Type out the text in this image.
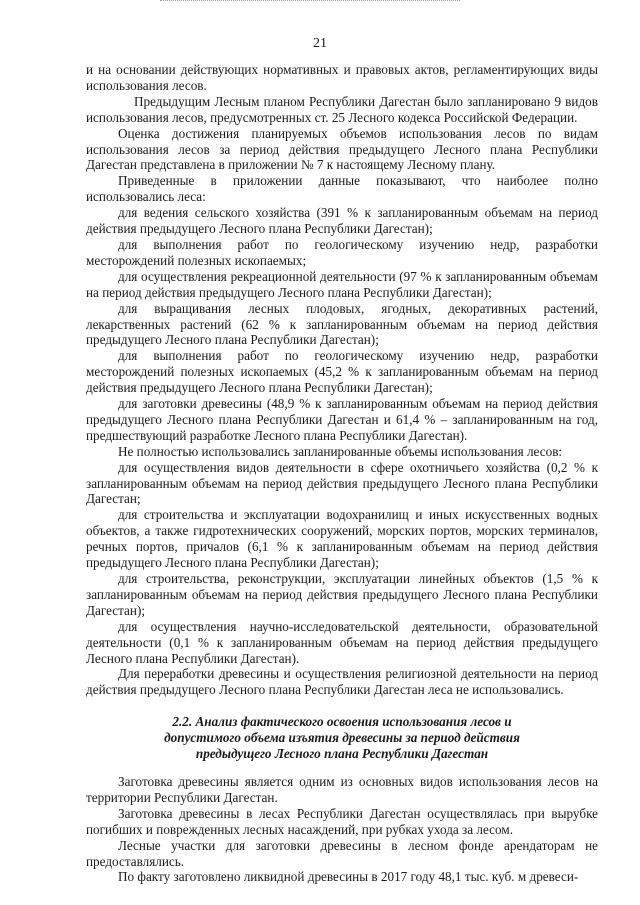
21

и на основании действующих нормативных и правовых актов, регламентирующих виды использования лесов.

Предыдущим Лесным планом Республики Дагестан было запланировано 9 видов использования лесов, предусмотренных ст. 25 Лесного кодекса Российской Федерации.

Оценка достижения планируемых объемов использования лесов по видам использования лесов за период действия предыдущего Лесного плана Республики Дагестан представлена в приложении № 7 к настоящему Лесному плану.

Приведенные в приложении данные показывают, что наиболее полно использовались леса:

для ведения сельского хозяйства (391 % к запланированным объемам на период действия предыдущего Лесного плана Республики Дагестан);

для выполнения работ по геологическому изучению недр, разработки месторождений полезных ископаемых;

для осуществления рекреационной деятельности (97 % к запланированным объемам на период действия предыдущего Лесного плана Республики Дагестан);

для выращивания лесных плодовых, ягодных, декоративных растений, лекарственных растений (62 % к запланированным объемам на период действия предыдущего Лесного плана Республики Дагестан);

для выполнения работ по геологическому изучению недр, разработки месторождений полезных ископаемых (45,2 % к запланированным объемам на период действия предыдущего Лесного плана Республики Дагестан);

для заготовки древесины (48,9 % к запланированным объемам на период действия предыдущего Лесного плана Республики Дагестан и 61,4 % – запланированным на год, предшествующий разработке Лесного плана Республики Дагестан).

Не полностью использовались запланированные объемы использования лесов:

для осуществления видов деятельности в сфере охотничьего хозяйства (0,2 % к запланированным объемам на период действия предыдущего Лесного плана Республики Дагестан;

для строительства и эксплуатации водохранилищ и иных искусственных водных объектов, а также гидротехнических сооружений, морских портов, морских терминалов, речных портов, причалов (6,1 % к запланированным объемам на период действия предыдущего Лесного плана Республики Дагестан);

для строительства, реконструкции, эксплуатации линейных объектов (1,5 % к запланированным объемам на период действия предыдущего Лесного плана Республики Дагестан);

для осуществления научно-исследовательской деятельности, образовательной деятельности (0,1 % к запланированным объемам на период действия предыдущего Лесного плана Республики Дагестан).

Для переработки древесины и осуществления религиозной деятельности на период действия предыдущего Лесного плана Республики Дагестан леса не использовались.

2.2. Анализ фактического освоения использования лесов и
допустимого объема изъятия древесины за период действия
предыдущего Лесного плана Республики Дагестан

Заготовка древесины является одним из основных видов использования лесов на территории Республики Дагестан.

Заготовка древесины в лесах Республики Дагестан осуществлялась при вырубке погибших и поврежденных лесных насаждений, при рубках ухода за лесом.

Лесные участки для заготовки древесины в лесном фонде арендаторам не предоставлялись.

По факту заготовлено ликвидной древесины в 2017 году 48,1 тыс. куб. м древеси-
